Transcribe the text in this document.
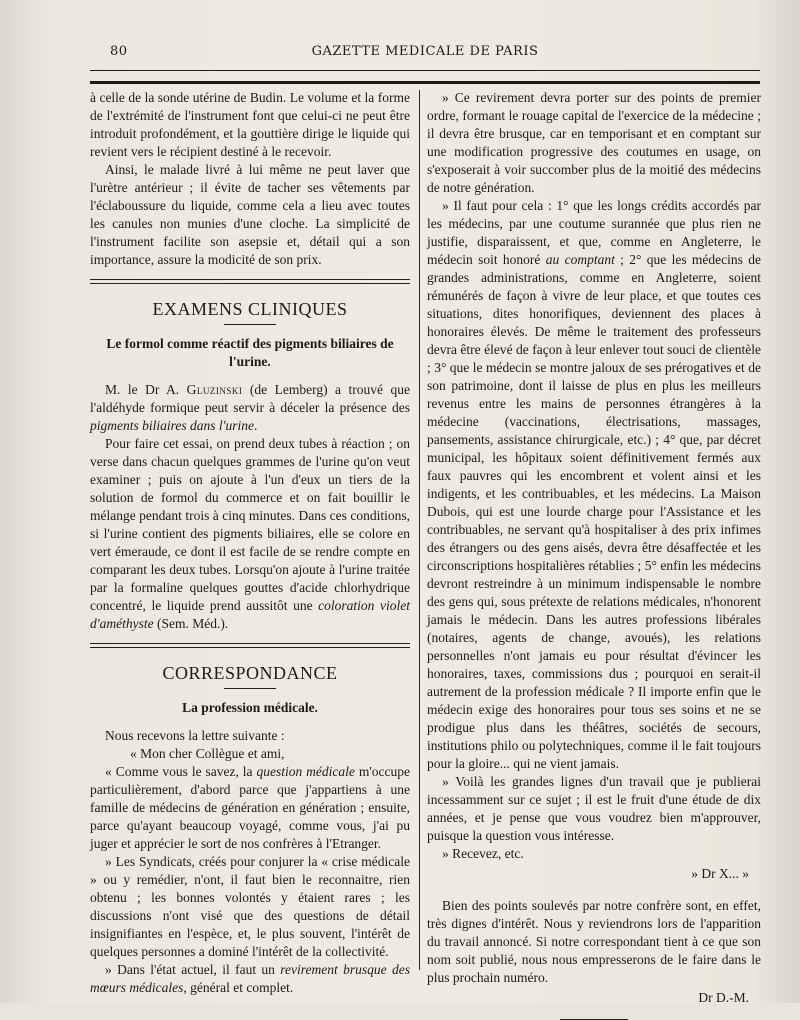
80	GAZETTE MEDICALE DE PARIS

à celle de la sonde utérine de Budin. Le volume et la forme de l'extrémité de l'instrument font que celui-ci ne peut être introduit profondément, et la gouttière dirige le liquide qui revient vers le récipient destiné à le recevoir.

Ainsi, le malade livré à lui même ne peut laver que l'urètre antérieur ; il évite de tacher ses vêtements par l'éclaboussure du liquide, comme cela a lieu avec toutes les canules non munies d'une cloche. La simplicité de l'instrument facilite son asepsie et, détail qui a son importance, assure la modicité de son prix.

EXAMENS CLINIQUES
Le formol comme réactif des pigments biliaires de l'urine.

M. le Dr A. Gluzinski (de Lemberg) a trouvé que l'aldéhyde formique peut servir à déceler la présence des pigments biliaires dans l'urine.

Pour faire cet essai, on prend deux tubes à réaction ; on verse dans chacun quelques grammes de l'urine qu'on veut examiner ; puis on ajoute à l'un d'eux un tiers de la solution de formol du commerce et on fait bouillir le mélange pendant trois à cinq minutes. Dans ces conditions, si l'urine contient des pigments biliaires, elle se colore en vert émeraude, ce dont il est facile de se rendre compte en comparant les deux tubes. Lorsqu'on ajoute à l'urine traitée par la formaline quelques gouttes d'acide chlorhydrique concentré, le liquide prend aussitôt une coloration violet d'améthyste (Sem. Méd.).

CORRESPONDANCE
La profession médicale.

Nous recevons la lettre suivante :

« Mon cher Collègue et ami,

« Comme vous le savez, la question médicale m'occupe particulièrement, d'abord parce que j'appartiens à une famille de médecins de génération en génération ; ensuite, parce qu'ayant beaucoup voyagé, comme vous, j'ai pu juger et apprécier le sort de nos confrères à l'Etranger.

» Les Syndicats, créés pour conjurer la « crise médicale » ou y remédier, n'ont, il faut bien le reconnaitre, rien obtenu ; les bonnes volontés y étaient rares ; les discussions n'ont visé que des questions de détail insignifiantes en l'espèce, et, le plus souvent, l'intérêt de quelques personnes a dominé l'intérêt de la collectivité.

» Dans l'état actuel, il faut un revirement brusque des mœurs médicales, général et complet.

» Ce revirement devra porter sur des points de premier ordre, formant le rouage capital de l'exercice de la médecine ; il devra être brusque, car en temporisant et en comptant sur une modification progressive des coutumes en usage, on s'exposerait à voir succomber plus de la moitié des médecins de notre génération.

» Il faut pour cela : 1° que les longs crédits accordés par les médecins, par une coutume surannée que plus rien ne justifie, disparaissent, et que, comme en Angleterre, le médecin soit honoré au comptant ; 2° que les médecins de grandes administrations, comme en Angleterre, soient rémunérés de façon à vivre de leur place, et que toutes ces situations, dites honorifiques, deviennent des places à honoraires élevés. De même le traitement des professeurs devra être élevé de façon à leur enlever tout souci de clientèle ; 3° que le médecin se montre jaloux de ses prérogatives et de son patrimoine, dont il laisse de plus en plus les meilleurs revenus entre les mains de personnes étrangères à la médecine (vaccinations, électrisations, massages, pansements, assistance chirurgicale, etc.) ; 4° que, par décret municipal, les hôpitaux soient définitivement fermés aux faux pauvres qui les encombrent et volent ainsi et les indigents, et les contribuables, et les médecins. La Maison Dubois, qui est une lourde charge pour l'Assistance et les contribuables, ne servant qu'à hospitaliser à des prix infimes des étrangers ou des gens aisés, devra être désaffectée et les circonscriptions hospitalières rétablies ; 5° enfin les médecins devront restreindre à un minimum indispensable le nombre des gens qui, sous prétexte de relations médicales, n'honorent jamais le médecin. Dans les autres professions libérales (notaires, agents de change, avoués), les relations personnelles n'ont jamais eu pour résultat d'évincer les honoraires, taxes, commissions dus ; pourquoi en serait-il autrement de la profession médicale ? Il importe enfin que le médecin exige des honoraires pour tous ses soins et ne se prodigue plus dans les théâtres, sociétés de secours, institutions philo ou polytechniques, comme il le fait toujours pour la gloire... qui ne vient jamais.

» Voilà les grandes lignes d'un travail que je publierai incessamment sur ce sujet ; il est le fruit d'une étude de dix années, et je pense que vous voudrez bien m'approuver, puisque la question vous intéresse.

» Recevez, etc.

» Dr X... »

Bien des points soulevés par notre confrère sont, en effet, très dignes d'intérêt. Nous y reviendrons lors de l'apparition du travail annoncé. Si notre correspondant tient à ce que son nom soit publié, nous nous empresserons de le faire dans le plus prochain numéro.

Dr D.-M.
